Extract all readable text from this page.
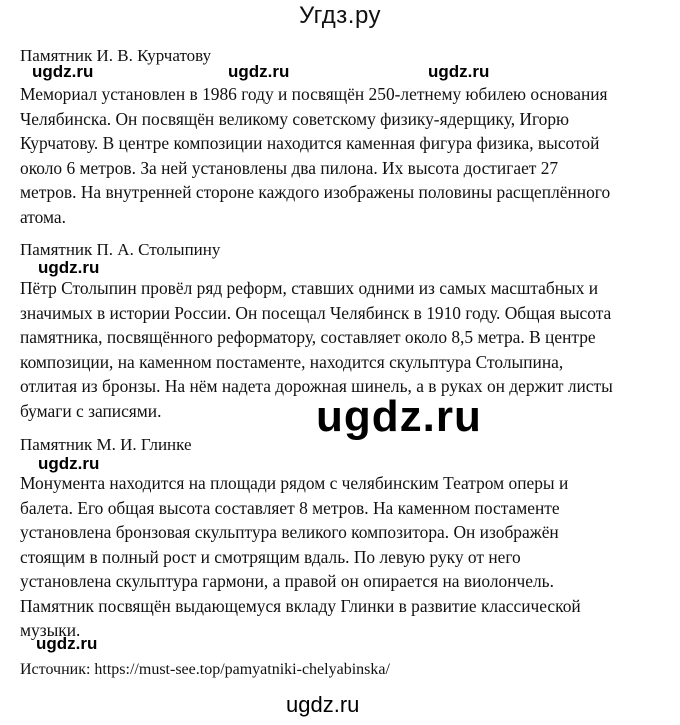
Угдз.ру
Памятник И. В. Курчатову
Мемориал установлен в 1986 году и посвящён 250-летнему юбилею основания
Челябинска. Он посвящён великому советскому физику-ядерщику, Игорю
Курчатову. В центре композиции находится каменная фигура физика, высотой
около 6 метров. За ней установлены два пилона. Их высота достигает 27
метров. На внутренней стороне каждого изображены половины расщеплённого
атома.
Памятник П. А. Столыпину
Пётр Столыпин провёл ряд реформ, ставших одними из самых масштабных и
значимых в истории России. Он посещал Челябинск в 1910 году. Общая высота
памятника, посвящённого реформатору, составляет около 8,5 метра. В центре
композиции, на каменном постаменте, находится скульптура Столыпина,
отлитая из бронзы. На нём надета дорожная шинель, а в руках он держит листы
бумаги с записями.
Памятник М. И. Глинке
Монумента находится на площади рядом с челябинским Театром оперы и
балета. Его общая высота составляет 8 метров. На каменном постаменте
установлена бронзовая скульптура великого композитора. Он изображён
стоящим в полный рост и смотрящим вдаль. По левую руку от него
установлена скульптура гармони, а правой он опирается на виолончель.
Памятник посвящён выдающемуся вкладу Глинки в развитие классической
музыки.
Источник: https://must-see.top/pamyatniki-chelyabinska/
ugdz.ru	ugdz.ru	ugdz.ru
ugdz.ru
ugdz.ru
ugdz.ru
ugdz.ru
ugdz.ru
